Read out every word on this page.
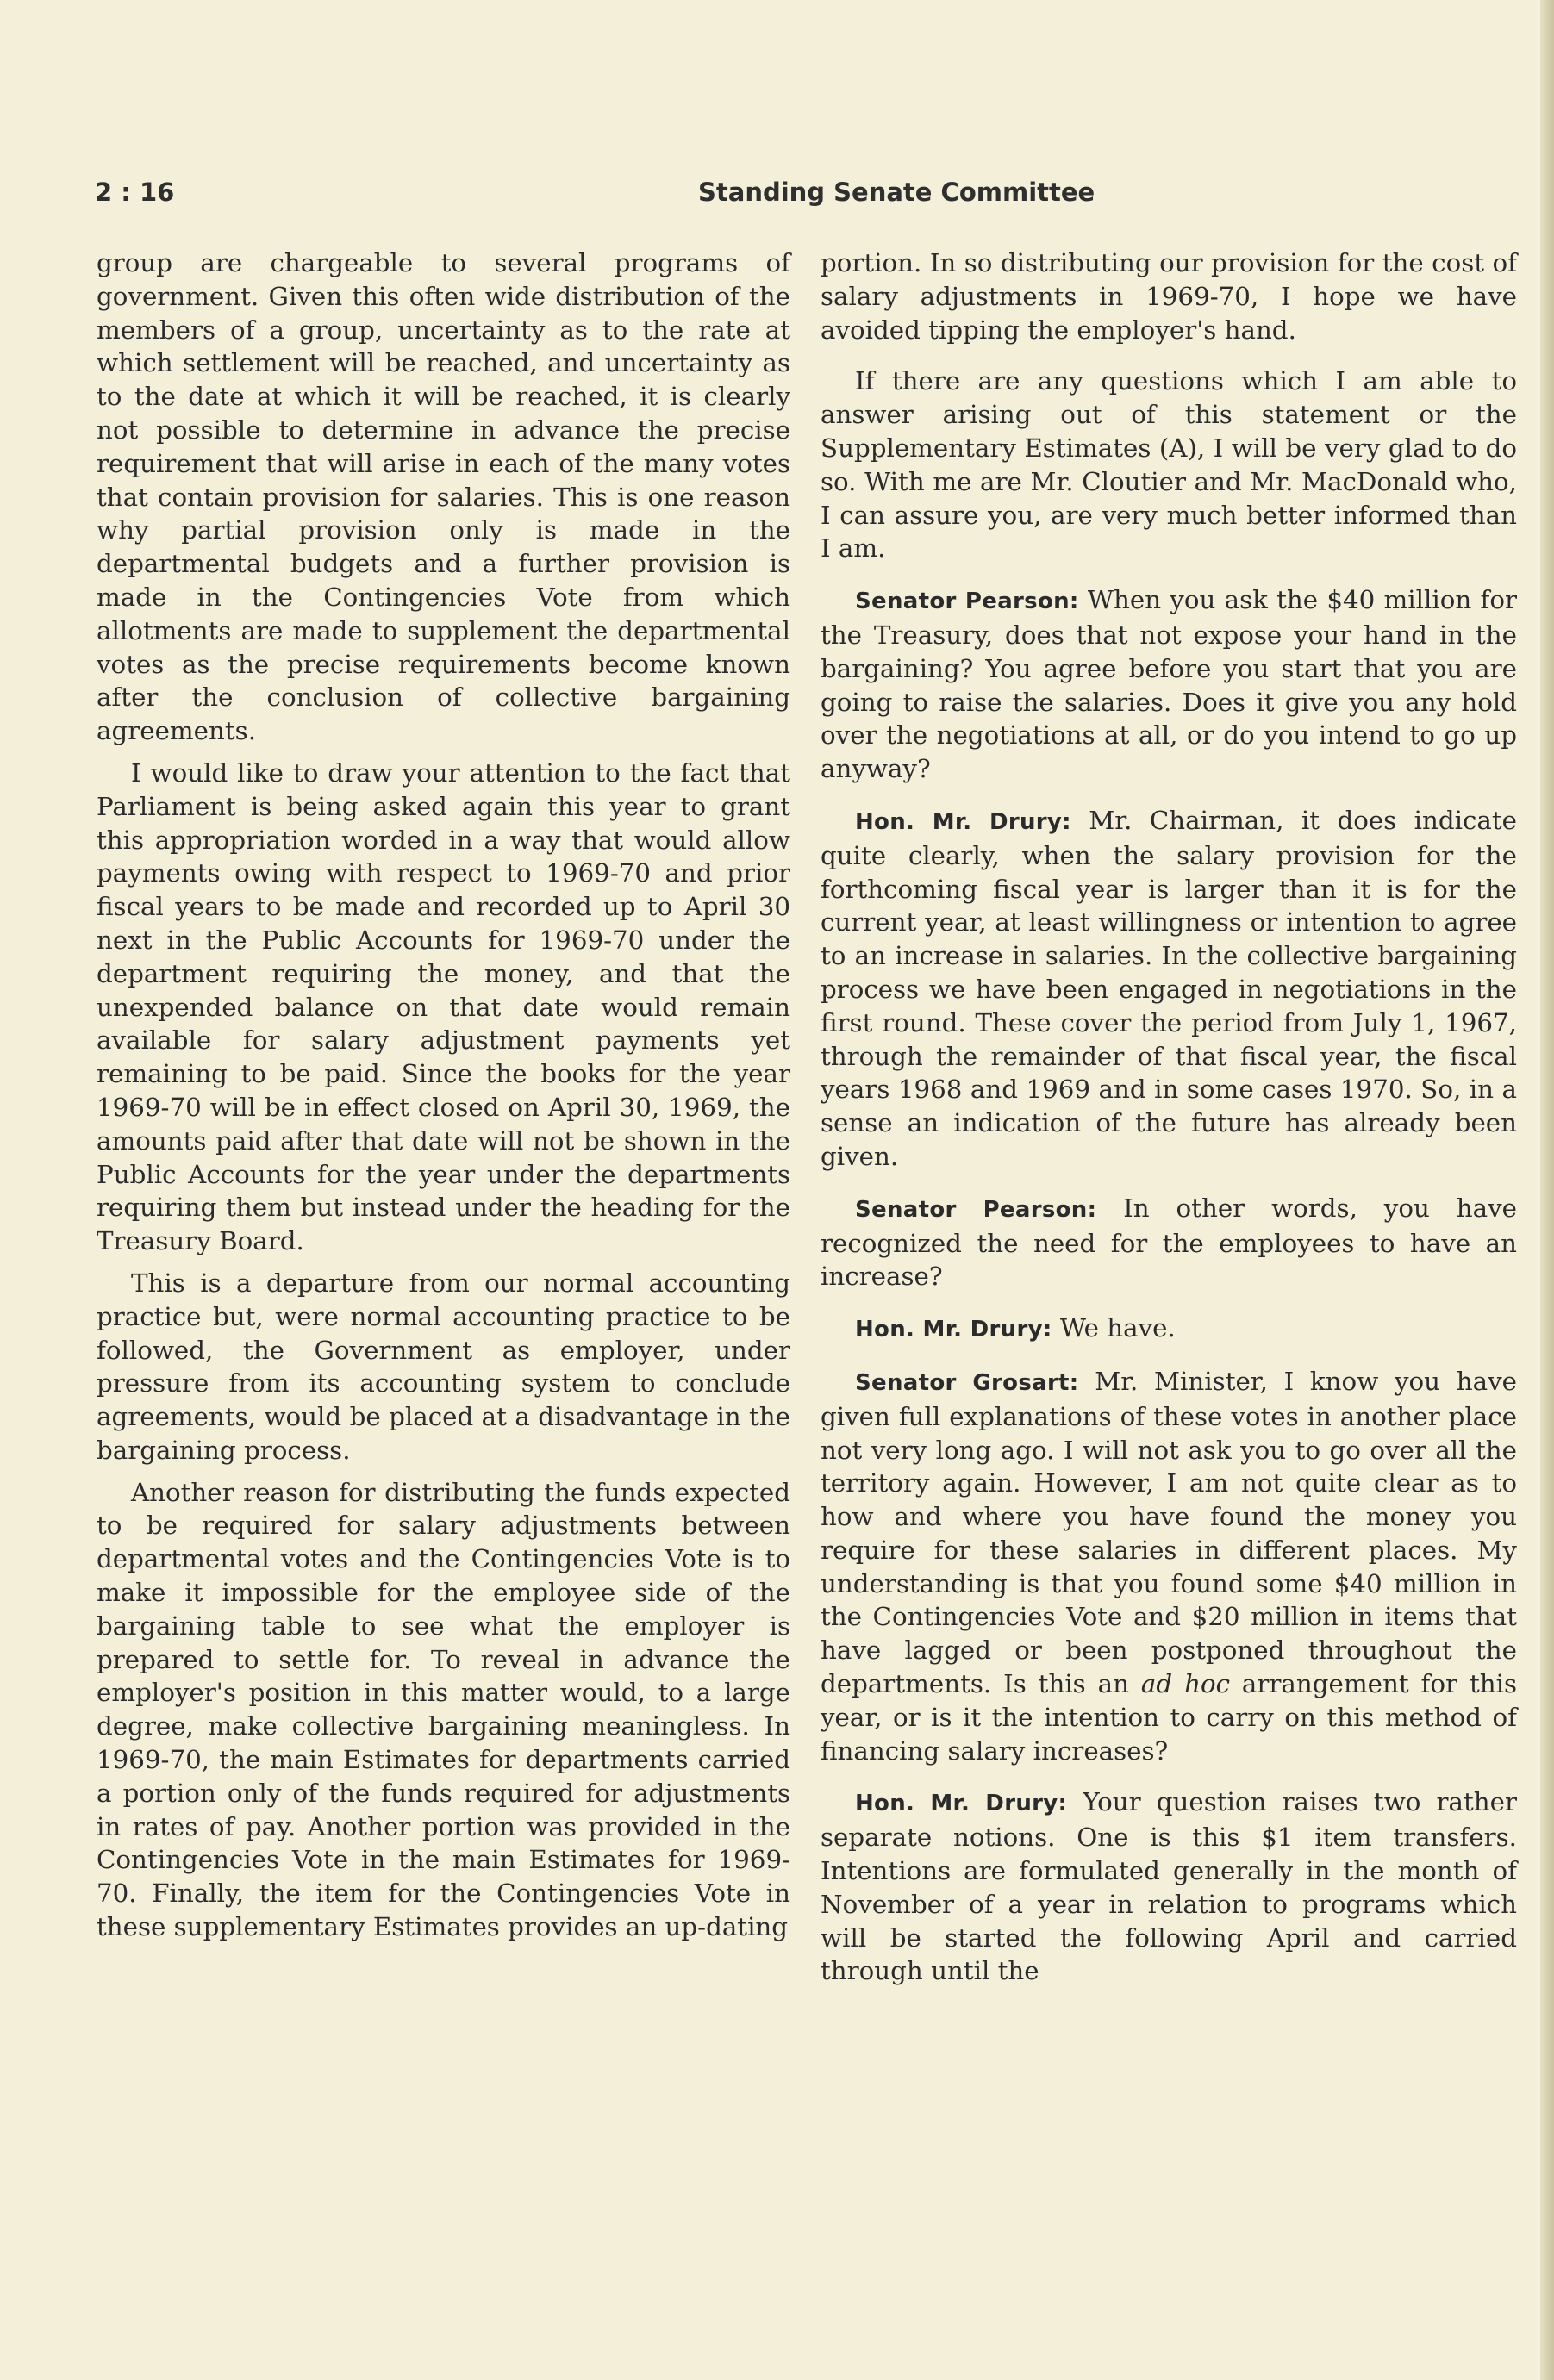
2 : 16	Standing Senate Committee

group are chargeable to several programs of government. Given this often wide distribution of the members of a group, uncertainty as to the rate at which settlement will be reached, and uncertainty as to the date at which it will be reached, it is clearly not possible to determine in advance the precise requirement that will arise in each of the many votes that contain provision for salaries. This is one reason why partial provision only is made in the departmental budgets and a further provision is made in the Contingencies Vote from which allotments are made to supplement the departmental votes as the precise requirements become known after the conclusion of collective bargaining agreements.

I would like to draw your attention to the fact that Parliament is being asked again this year to grant this appropriation worded in a way that would allow payments owing with respect to 1969-70 and prior fiscal years to be made and recorded up to April 30 next in the Public Accounts for 1969-70 under the department requiring the money, and that the unexpended balance on that date would remain available for salary adjustment payments yet remaining to be paid. Since the books for the year 1969-70 will be in effect closed on April 30, 1969, the amounts paid after that date will not be shown in the Public Accounts for the year under the departments requiring them but instead under the heading for the Treasury Board.

This is a departure from our normal accounting practice but, were normal accounting practice to be followed, the Government as employer, under pressure from its accounting system to conclude agreements, would be placed at a disadvantage in the bargaining process.

Another reason for distributing the funds expected to be required for salary adjustments between departmental votes and the Contingencies Vote is to make it impossible for the employee side of the bargaining table to see what the employer is prepared to settle for. To reveal in advance the employer's position in this matter would, to a large degree, make collective bargaining meaningless. In 1969-70, the main Estimates for departments carried a portion only of the funds required for adjustments in rates of pay. Another portion was provided in the Contingencies Vote in the main Estimates for 1969-70. Finally, the item for the Contingencies Vote in these supplementary Estimates provides an up-dating

portion. In so distributing our provision for the cost of salary adjustments in 1969-70, I hope we have avoided tipping the employer's hand.

If there are any questions which I am able to answer arising out of this statement or the Supplementary Estimates (A), I will be very glad to do so. With me are Mr. Cloutier and Mr. MacDonald who, I can assure you, are very much better informed than I am.

Senator Pearson: When you ask the $40 million for the Treasury, does that not expose your hand in the bargaining? You agree before you start that you are going to raise the salaries. Does it give you any hold over the negotiations at all, or do you intend to go up anyway?

Hon. Mr. Drury: Mr. Chairman, it does indicate quite clearly, when the salary provision for the forthcoming fiscal year is larger than it is for the current year, at least willingness or intention to agree to an increase in salaries. In the collective bargaining process we have been engaged in negotiations in the first round. These cover the period from July 1, 1967, through the remainder of that fiscal year, the fiscal years 1968 and 1969 and in some cases 1970. So, in a sense an indication of the future has already been given.

Senator Pearson: In other words, you have recognized the need for the employees to have an increase?

Hon. Mr. Drury: We have.

Senator Grosart: Mr. Minister, I know you have given full explanations of these votes in another place not very long ago. I will not ask you to go over all the territory again. However, I am not quite clear as to how and where you have found the money you require for these salaries in different places. My understanding is that you found some $40 million in the Contingencies Vote and $20 million in items that have lagged or been postponed throughout the departments. Is this an ad hoc arrangement for this year, or is it the intention to carry on this method of financing salary increases?

Hon. Mr. Drury: Your question raises two rather separate notions. One is this $1 item transfers. Intentions are formulated generally in the month of November of a year in relation to programs which will be started the following April and carried through until the
